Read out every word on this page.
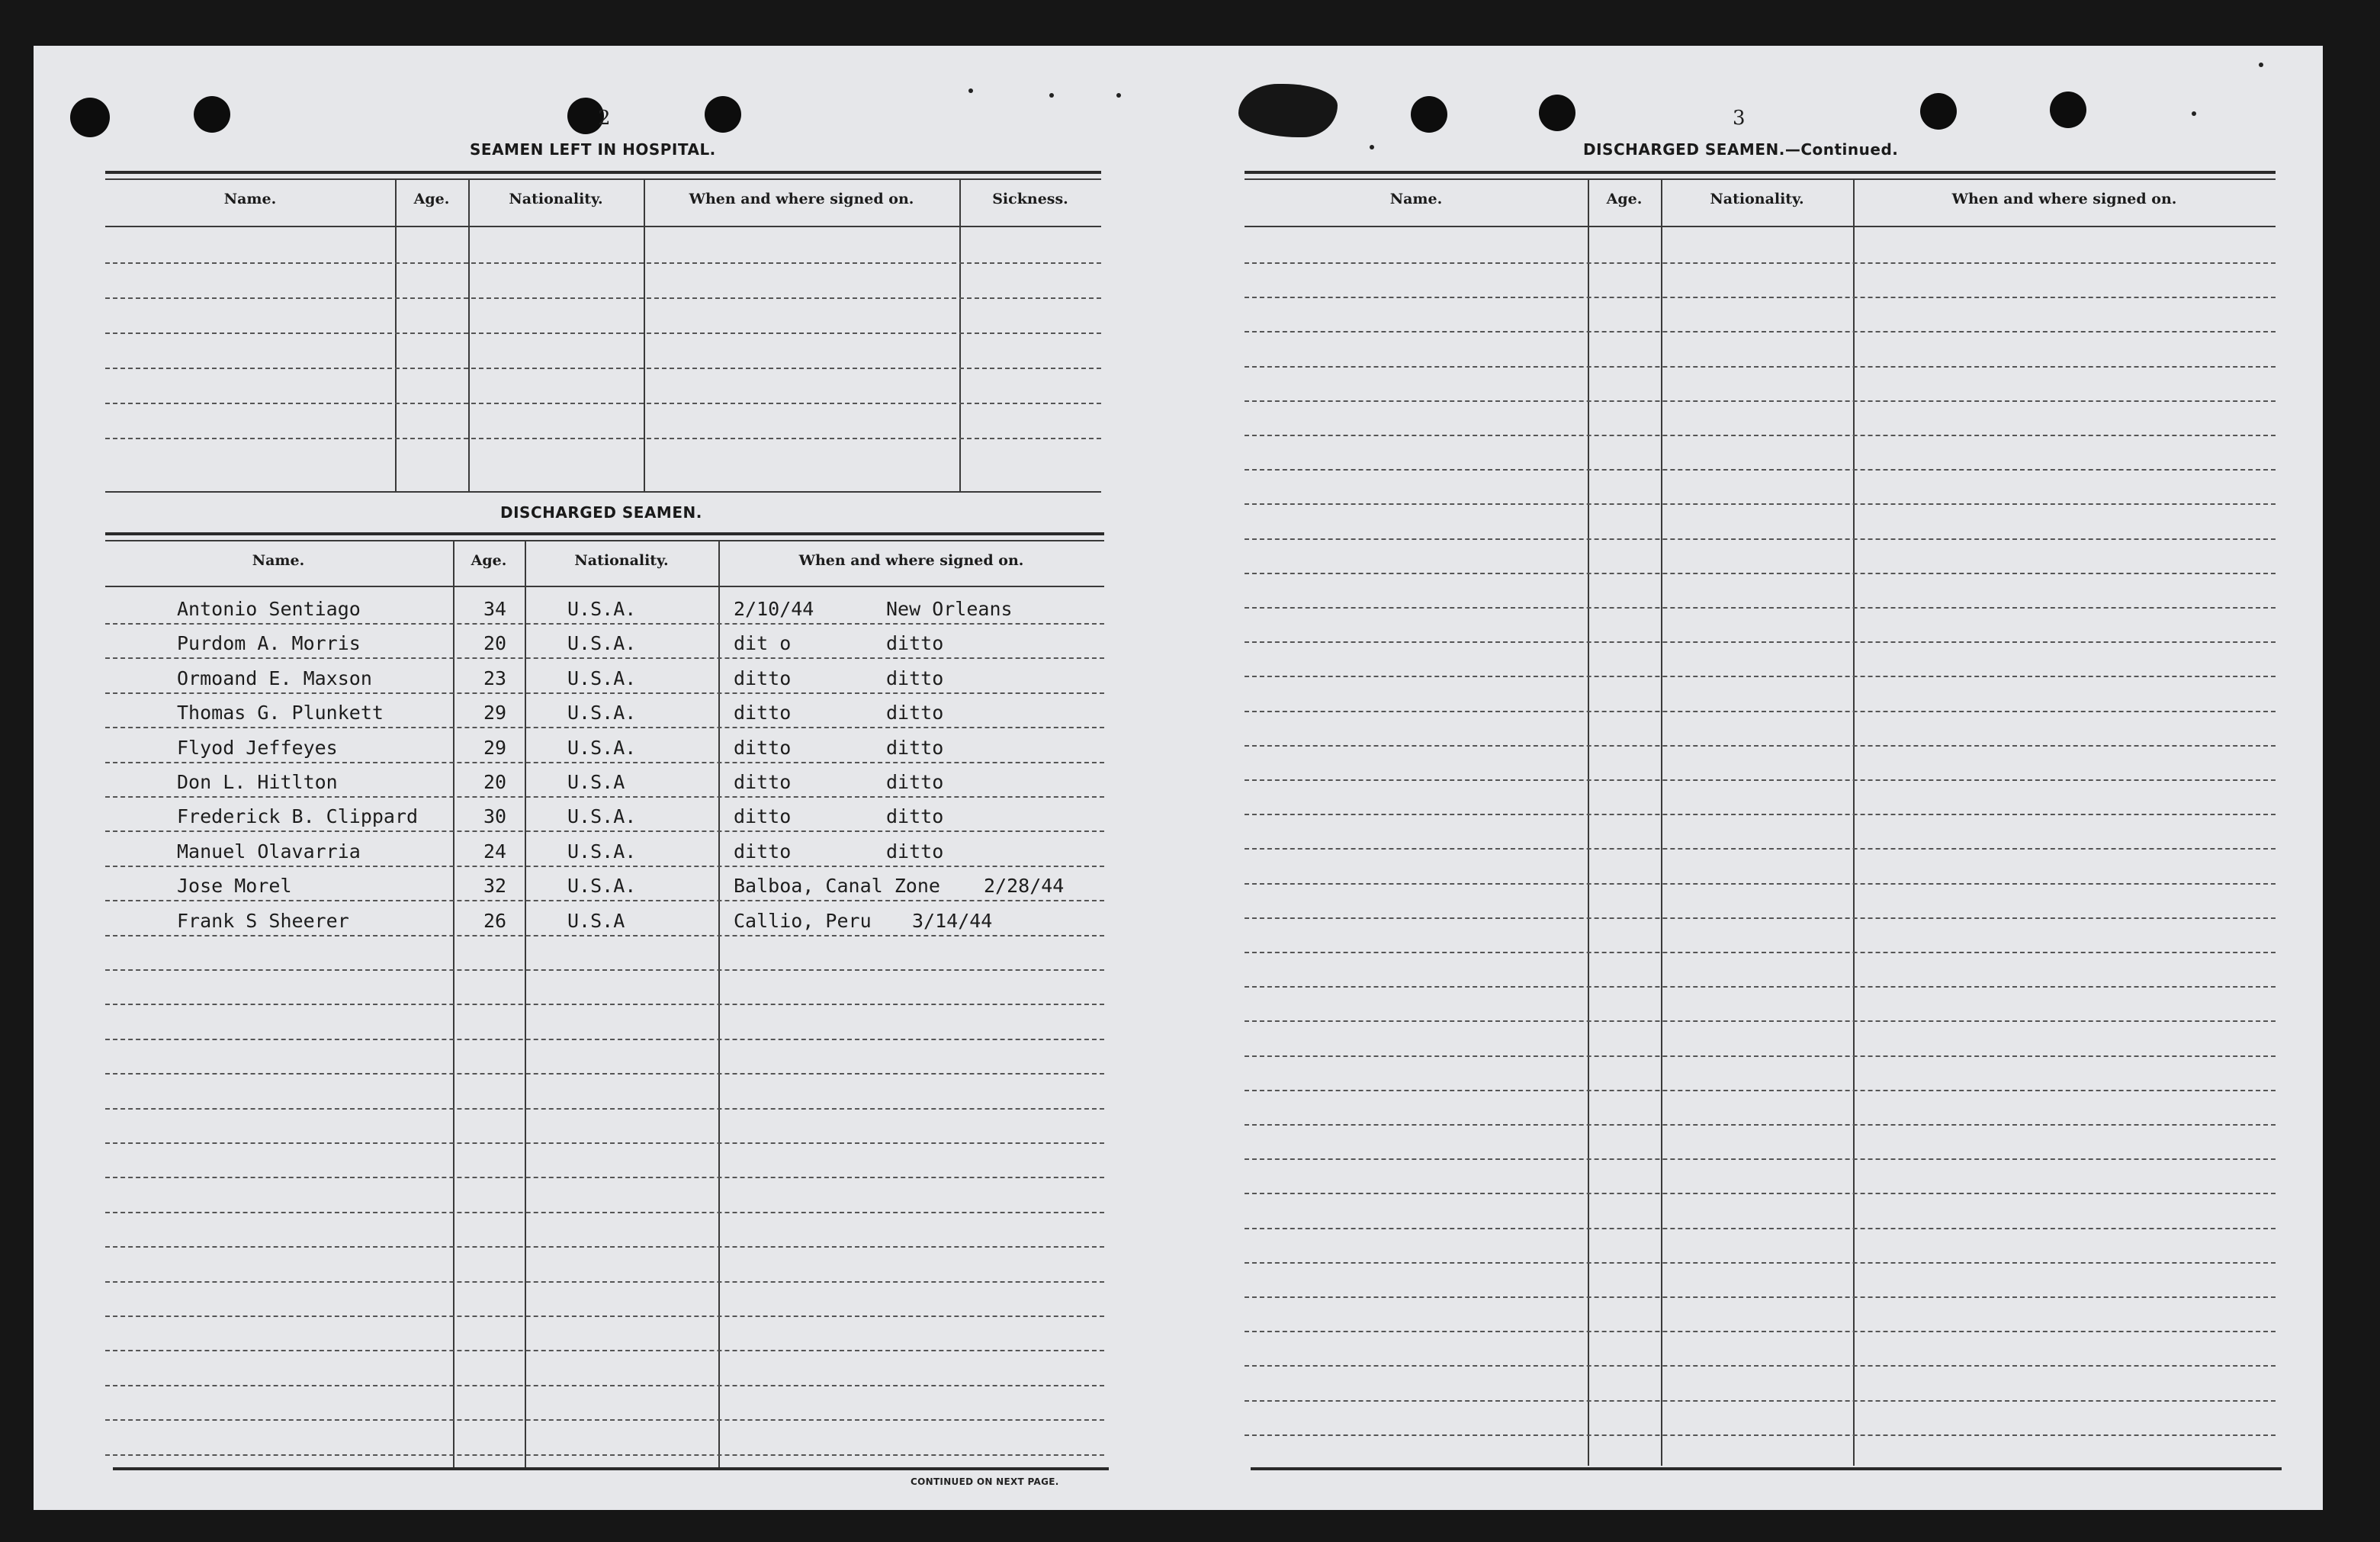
2
SEAMEN LEFT IN HOSPITAL.
Name.	Age.	Nationality.	When and where signed on.	Sickness.
DISCHARGED SEAMEN.
Name.	Age.	Nationality.	When and where signed on.
Antonio Sentiago	34	U.S.A.	2/10/44	New Orleans
Purdom A. Morris	20	U.S.A.	dit o	ditto
Ormoand E. Maxson	23	U.S.A.	ditto	ditto
Thomas G. Plunkett	29	U.S.A.	ditto	ditto
Flyod Jeffeyes	29	U.S.A.	ditto	ditto
Don L. Hitlton	20	U.S.A	ditto	ditto
Frederick B. Clippard	30	U.S.A.	ditto	ditto
Manuel Olavarria	24	U.S.A.	ditto	ditto
Jose Morel	32	U.S.A.	Balboa, Canal Zone 2/28/44
Frank S Sheerer	26	U.S.A	Callio, Peru 3/14/44
CONTINUED ON NEXT PAGE.
3
DISCHARGED SEAMEN.—Continued.
Name.	Age.	Nationality.	When and where signed on.
